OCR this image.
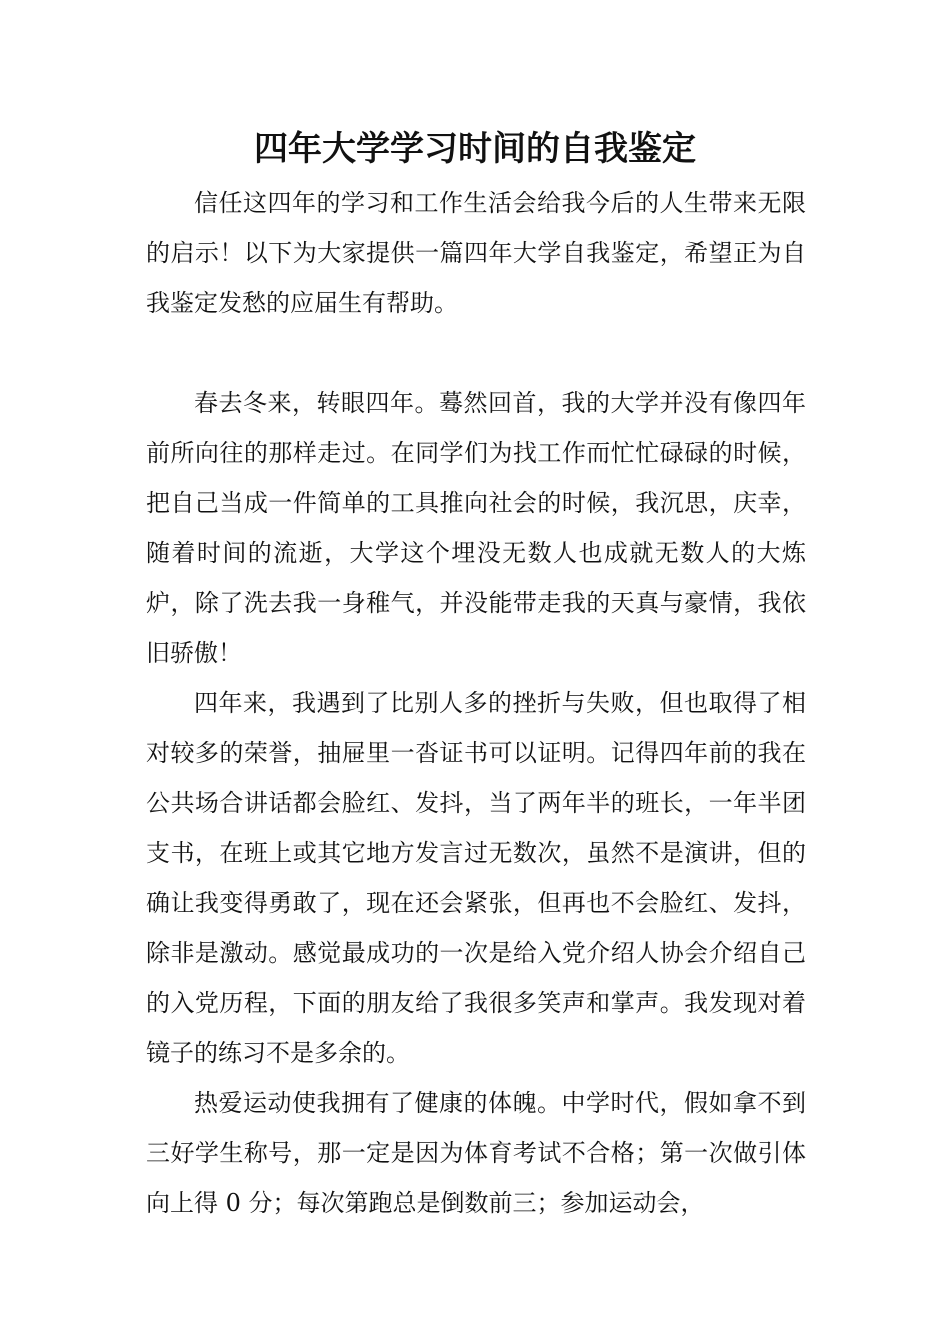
四年大学学习时间的自我鉴定

信任这四年的学习和工作生活会给我今后的人生带来无限的启示！以下为大家提供一篇四年大学自我鉴定，希望正为自我鉴定发愁的应届生有帮助。

春去冬来，转眼四年。蓦然回首，我的大学并没有像四年前所向往的那样走过。在同学们为找工作而忙忙碌碌的时候，把自己当成一件简单的工具推向社会的时候，我沉思，庆幸，随着时间的流逝，大学这个埋没无数人也成就无数人的大炼炉，除了洗去我一身稚气，并没能带走我的天真与豪情，我依旧骄傲！

四年来，我遇到了比别人多的挫折与失败，但也取得了相对较多的荣誉，抽屉里一沓证书可以证明。记得四年前的我在公共场合讲话都会脸红、发抖，当了两年半的班长，一年半团支书，在班上或其它地方发言过无数次，虽然不是演讲，但的确让我变得勇敢了，现在还会紧张，但再也不会脸红、发抖，除非是激动。感觉最成功的一次是给入党介绍人协会介绍自己的入党历程，下面的朋友给了我很多笑声和掌声。我发现对着镜子的练习不是多余的。

热爱运动使我拥有了健康的体魄。中学时代，假如拿不到三好学生称号，那一定是因为体育考试不合格；第一次做引体向上得 0 分；每次第跑总是倒数前三；参加运动会，
